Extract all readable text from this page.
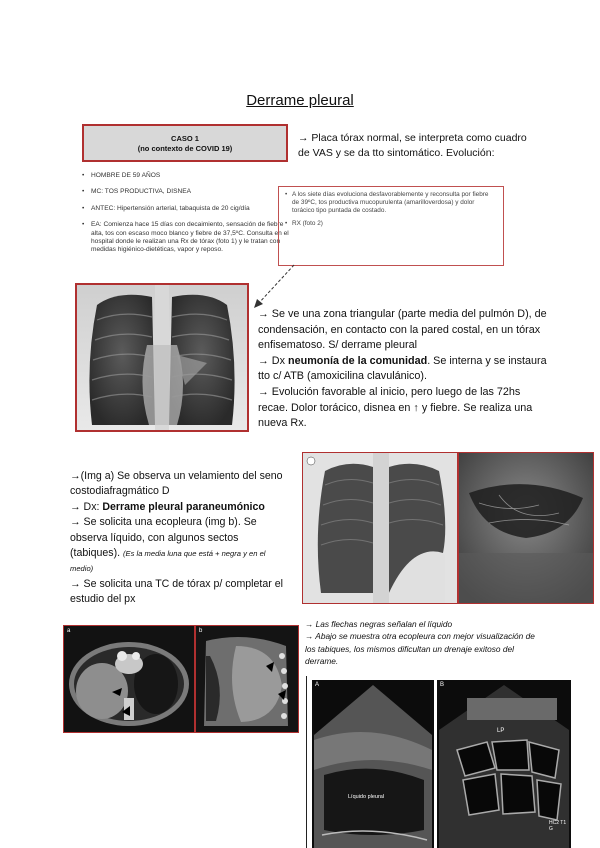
Derrame pleural
CASO 1
(no contexto de COVID 19)
• HOMBRE DE 59 AÑOS
• MC: TOS PRODUCTIVA, DISNEA
• ANTEC: Hipertensión arterial, tabaquista de 20 cig/día
• EA: Comienza hace 15 días con decaimiento, sensación de fiebre alta, tos con escaso moco blanco y fiebre de 37,5ºC. Consulta en el hospital donde le realizan una Rx de tórax (foto 1) y le tratan con medidas higiénico-dietéticas, vapor y reposo.
→ Placa tórax normal, se interpreta como cuadro de VAS y se da tto sintomático. Evolución:
• A los siete días evoluciona desfavorablemente y reconsulta por fiebre de 39ºC, tos productiva mucopurulenta (amarilloverdosa) y dolor torácico tipo puntada de costado.
• RX (foto 2)
→ Se ve una zona triangular (parte media del pulmón D), de condensación, en contacto con la pared costal, en un tórax enfisematoso. S/ derrame pleural
→ Dx neumonía de la comunidad. Se interna y se instaura tto c/ ATB (amoxicilina clavulánico).
→ Evolución favorable al inicio, pero luego de las 72hs recae. Dolor torácico, disnea en ↑ y fiebre. Se realiza una nueva Rx.
→(Img a) Se observa un velamiento del seno costodiafragmático D
→ Dx: Derrame pleural paraneumónico
→ Se solicita una ecopleura (img b). Se observa líquido, con algunos sectos (tabiques). (Es la media luna que está + negra y en el medio)
→ Se solicita una TC de tórax p/ completar el estudio del px
a	b
→ Las flechas negras señalan el líquido
→ Abajo se muestra otra ecopleura con mejor visualización de los tabiques, los mismos dificultan un drenaje exitoso del derrame.
A
Líquido pleural
B
LP
HC2 T1 G
